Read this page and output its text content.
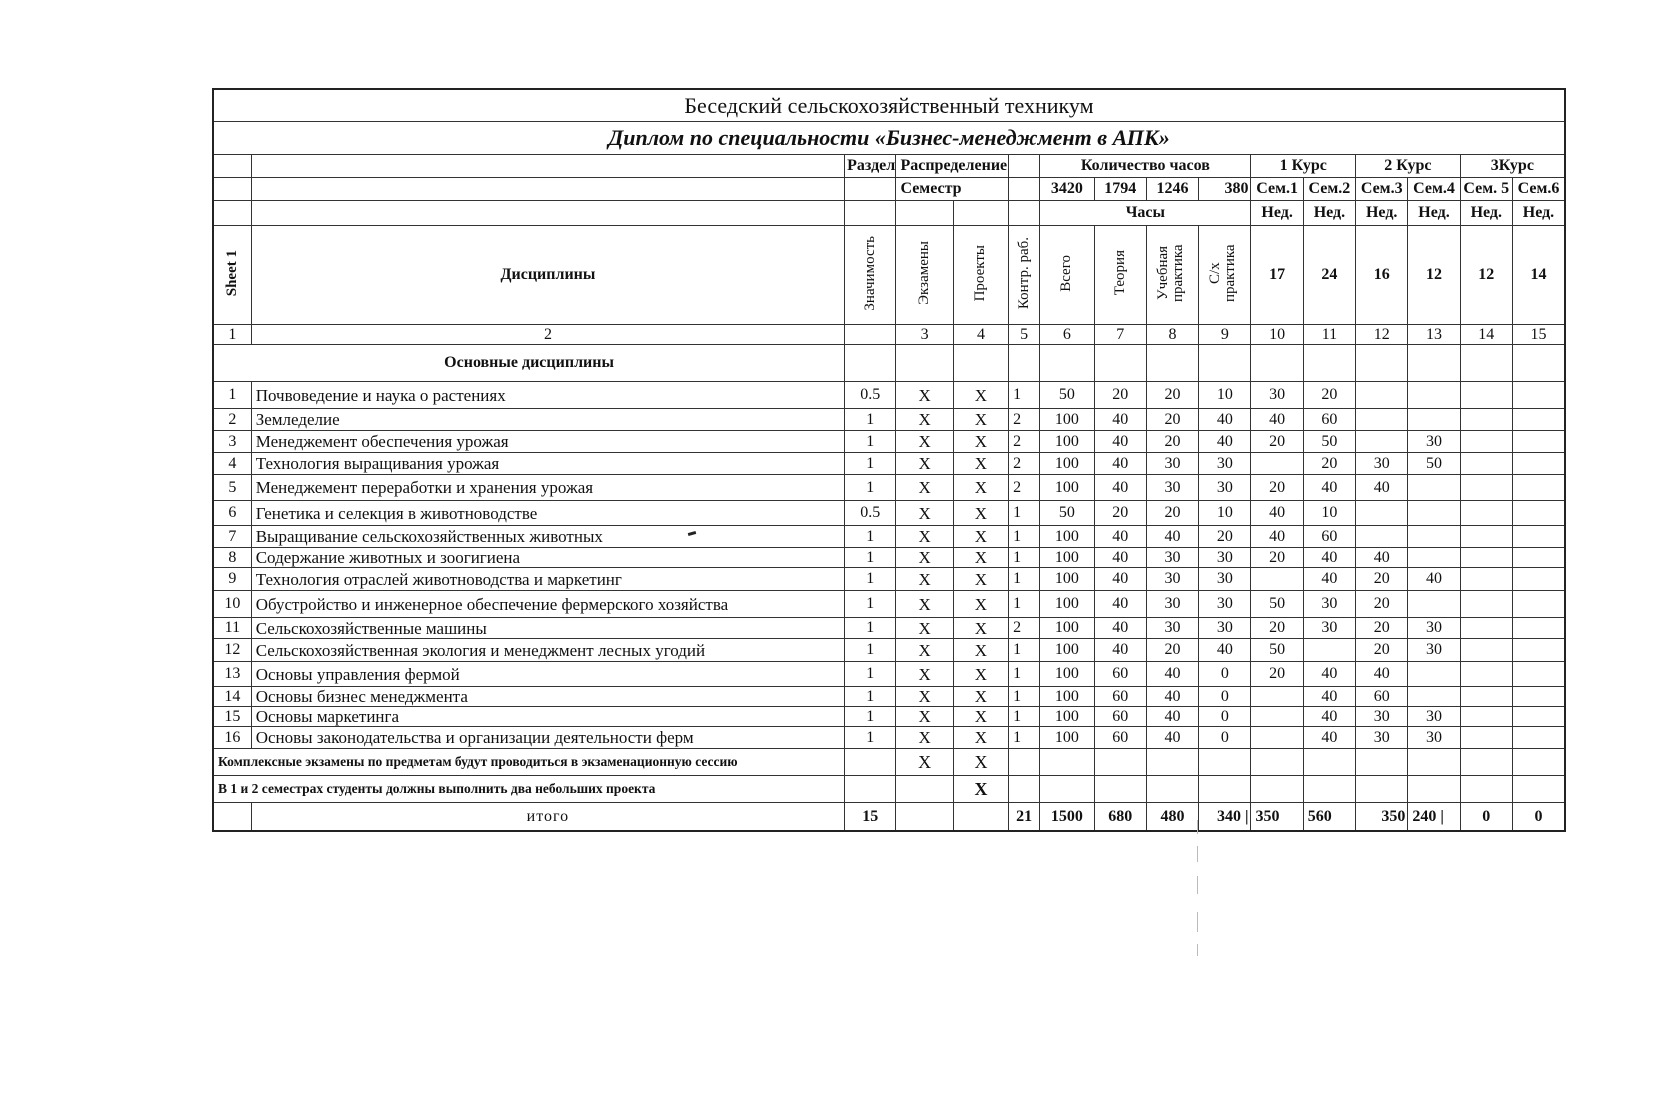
Беседский сельскохозяйственный техникум															
Диплом по специальности «Бизнес-менеджмент в АПК»															
		Раздел	Распределение			Количество часов				1 Курс		2 Курс		3Курс	
			Семестр			3420	1794	1246	380	Сем.1	Сем.2	Сем.3	Сем.4	Сем. 5	Сем.6
						Часы				Нед.	Нед.	Нед.	Нед.	Нед.	Нед.
Sheet 1	Дисциплины	Значимость	Экзамены	Проекты	Контр. раб.	Всего	Теория	Учебная практика	С/х практика	17	24	16	12	12	14
1	2		3	4	5	6	7	8	9	10	11	12	13	14	15
Основные дисциплины															
1	Почвоведение и наука о растениях	0.5	X	X	1	50	20	20	10	30	20				
2	Земледелие	1	X	X	2	100	40	20	40	40	60				
3	Менеджемент обеспечения урожая	1	X	X	2	100	40	20	40	20	50		30		
4	Технология выращивания урожая	1	X	X	2	100	40	30	30		20	30	50		
5	Менеджемент переработки и хранения урожая	1	X	X	2	100	40	30	30	20	40	40			
6	Генетика и селекция в животноводстве	0.5	X	X	1	50	20	20	10	40	10				
7	Выращивание сельскохозяйственных животных	1	X	X	1	100	40	40	20	40	60				
8	Содержание животных и зоогигиена	1	X	X	1	100	40	30	30	20	40	40			
9	Технология отраслей животноводства и маркетинг	1	X	X	1	100	40	30	30		40	20	40		
10	Обустройство и инженерное обеспечение фермерского хозяйства	1	X	X	1	100	40	30	30	50	30	20			
11	Сельскохозяйственные машины	1	X	X	2	100	40	30	30	20	30	20	30		
12	Сельскохозяйственная экология и менеджмент лесных угодий	1	X	X	1	100	40	20	40	50		20	30		
13	Основы управления фермой	1	X	X	1	100	60	40	0	20	40	40			
14	Основы бизнес менеджмента	1	X	X	1	100	60	40	0		40	60			
15	Основы маркетинга	1	X	X	1	100	60	40	0		40	30	30		
16	Основы законодательства и организации деятельности ферм	1	X	X	1	100	60	40	0		40	30	30		
Комплексные экзамены по предметам будут проводиться в экзаменационную сессию			X	X											
В 1 и 2 семестрах студенты должны выполнить два небольших проекта				X											
	итого	15			21	1500	680	480	340 |	350	560	350	240 |	0	0
